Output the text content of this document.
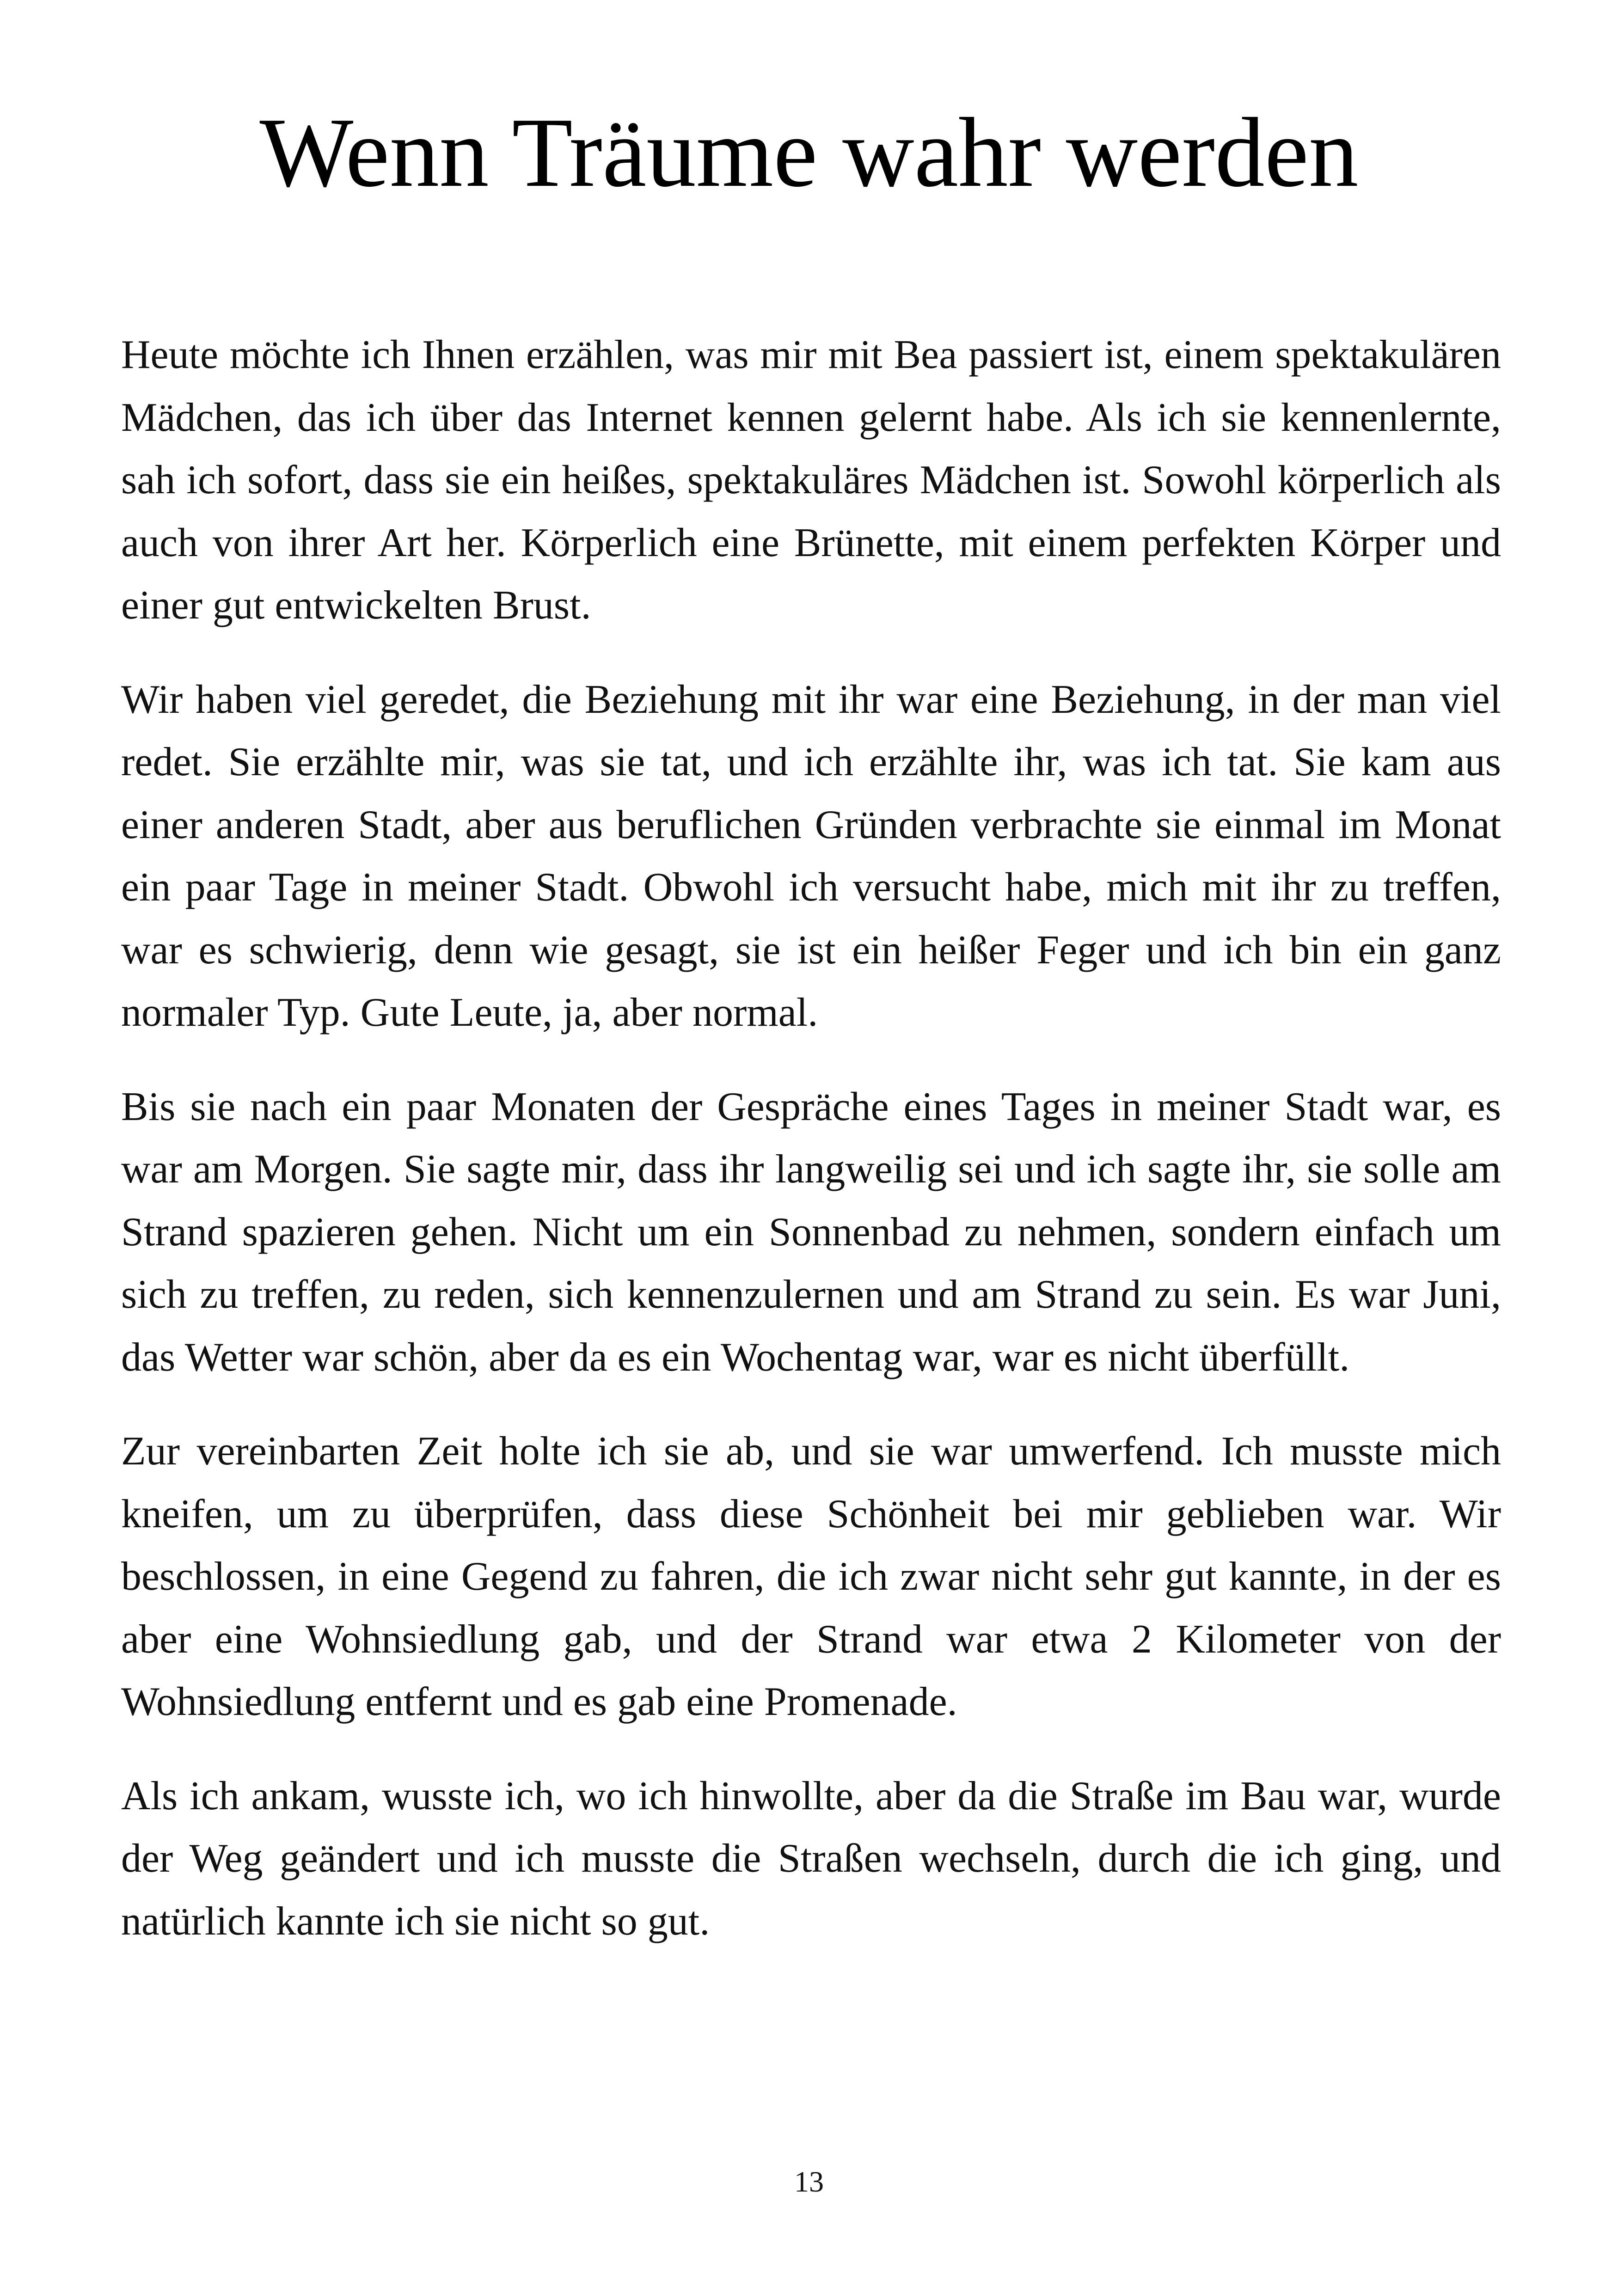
Wenn Träume wahr werden

Heute möchte ich Ihnen erzählen, was mir mit Bea passiert ist, einem spektakulären Mädchen, das ich über das Internet kennen gelernt habe. Als ich sie kennenlernte, sah ich sofort, dass sie ein heißes, spektakuläres Mädchen ist. Sowohl körperlich als auch von ihrer Art her. Körperlich eine Brünette, mit einem perfekten Körper und einer gut entwickelten Brust.

Wir haben viel geredet, die Beziehung mit ihr war eine Beziehung, in der man viel redet. Sie erzählte mir, was sie tat, und ich erzählte ihr, was ich tat. Sie kam aus einer anderen Stadt, aber aus beruflichen Gründen verbrachte sie einmal im Monat ein paar Tage in meiner Stadt. Obwohl ich versucht habe, mich mit ihr zu treffen, war es schwierig, denn wie gesagt, sie ist ein heißer Feger und ich bin ein ganz normaler Typ. Gute Leute, ja, aber normal.

Bis sie nach ein paar Monaten der Gespräche eines Tages in meiner Stadt war, es war am Morgen. Sie sagte mir, dass ihr langweilig sei und ich sagte ihr, sie solle am Strand spazieren gehen. Nicht um ein Sonnenbad zu nehmen, sondern einfach um sich zu treffen, zu reden, sich kennenzulernen und am Strand zu sein. Es war Juni, das Wetter war schön, aber da es ein Wochentag war, war es nicht überfüllt.

Zur vereinbarten Zeit holte ich sie ab, und sie war umwerfend. Ich musste mich kneifen, um zu überprüfen, dass diese Schönheit bei mir geblieben war. Wir beschlossen, in eine Gegend zu fahren, die ich zwar nicht sehr gut kannte, in der es aber eine Wohnsiedlung gab, und der Strand war etwa 2 Kilometer von der Wohnsiedlung entfernt und es gab eine Promenade.

Als ich ankam, wusste ich, wo ich hinwollte, aber da die Straße im Bau war, wurde der Weg geändert und ich musste die Straßen wechseln, durch die ich ging, und natürlich kannte ich sie nicht so gut.

13
